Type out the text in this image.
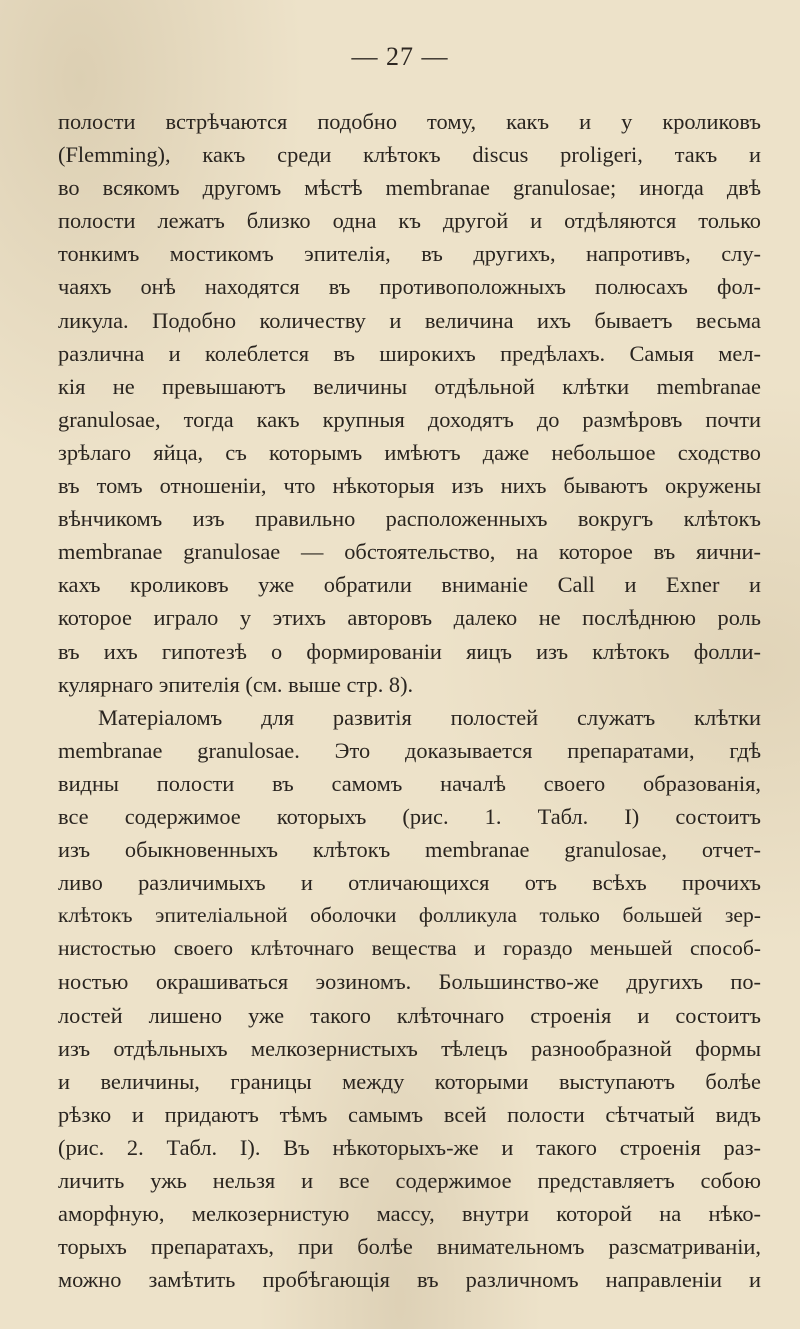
— 27 —
полости встрѣчаются подобно тому, какъ и у кроликовъ
(Flemming), какъ среди клѣтокъ discus proligeri, такъ и
во всякомъ другомъ мѣстѣ membranae granulosae; иногда двѣ
полости лежатъ близко одна къ другой и отдѣляются только
тонкимъ мостикомъ эпителія, въ другихъ, напротивъ, слу-
чаяхъ онѣ находятся въ противоположныхъ полюсахъ фол-
ликула. Подобно количеству и величина ихъ бываетъ весьма
различна и колеблется въ широкихъ предѣлахъ. Самыя мел-
кія не превышаютъ величины отдѣльной клѣтки membranae
granulosae, тогда какъ крупныя доходятъ до размѣровъ почти
зрѣлаго яйца, съ которымъ имѣютъ даже небольшое сходство
въ томъ отношеніи, что нѣкоторыя изъ нихъ бываютъ окружены
вѣнчикомъ изъ правильно расположенныхъ вокругъ клѣтокъ
membranae granulosae — обстоятельство, на которое въ яични-
кахъ кроликовъ уже обратили вниманіе Call и Exner и
которое играло у этихъ авторовъ далеко не послѣднюю роль
въ ихъ гипотезѣ о формированіи яицъ изъ клѣтокъ фолли-
кулярнаго эпителія (см. выше стр. 8).
Матеріаломъ для развитія полостей служатъ клѣтки
membranae granulosae. Это доказывается препаратами, гдѣ
видны полости въ самомъ началѣ своего образованія,
все содержимое которыхъ (рис. 1. Табл. I) состоитъ
изъ обыкновенныхъ клѣтокъ membranae granulosae, отчет-
ливо различимыхъ и отличающихся отъ всѣхъ прочихъ
клѣтокъ эпителіальной оболочки фолликула только большей зер-
нистостью своего клѣточнаго вещества и гораздо меньшей способ-
ностью окрашиваться эозиномъ. Большинство-же другихъ по-
лостей лишено уже такого клѣточнаго строенія и состоитъ
изъ отдѣльныхъ мелкозернистыхъ тѣлецъ разнообразной формы
и величины, границы между которыми выступаютъ болѣе
рѣзко и придаютъ тѣмъ самымъ всей полости сѣтчатый видъ
(рис. 2. Табл. I). Въ нѣкоторыхъ-же и такого строенія раз-
личить ужь нельзя и все содержимое представляетъ собою
аморфную, мелкозернистую массу, внутри которой на нѣко-
торыхъ препаратахъ, при болѣе внимательномъ разсматриваніи,
можно замѣтить пробѣгающія въ различномъ направленіи и
